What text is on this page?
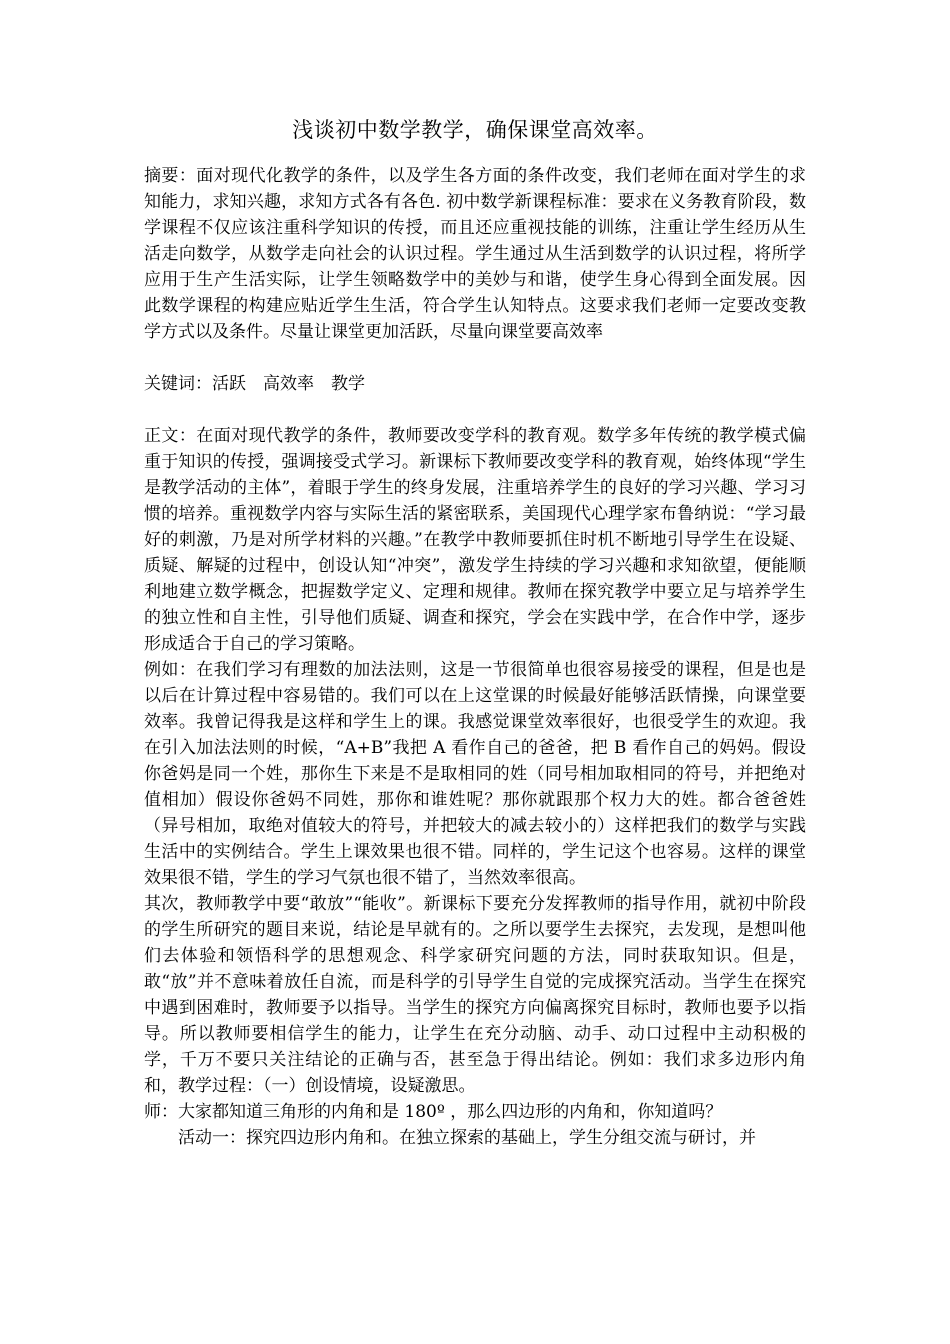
浅谈初中数学教学，确保课堂高效率。

摘要：面对现代化教学的条件，以及学生各方面的条件改变，我们老师在面对学生的求知能力，求知兴趣，求知方式各有各色. 初中数学新课程标准：要求在义务教育阶段，数学课程不仅应该注重科学知识的传授，而且还应重视技能的训练，注重让学生经历从生活走向数学，从数学走向社会的认识过程。学生通过从生活到数学的认识过程，将所学应用于生产生活实际，让学生领略数学中的美妙与和谐，使学生身心得到全面发展。因此数学课程的构建应贴近学生生活，符合学生认知特点。这要求我们老师一定要改变教学方式以及条件。尽量让课堂更加活跃，尽量向课堂要高效率

关键词：活跃　高效率　教学

正文：在面对现代教学的条件，教师要改变学科的教育观。数学多年传统的教学模式偏重于知识的传授，强调接受式学习。新课标下教师要改变学科的教育观，始终体现“学生是教学活动的主体”，着眼于学生的终身发展，注重培养学生的良好的学习兴趣、学习习惯的培养。重视数学内容与实际生活的紧密联系，美国现代心理学家布鲁纳说：“学习最好的刺激，乃是对所学材料的兴趣。”在教学中教师要抓住时机不断地引导学生在设疑、质疑、解疑的过程中，创设认知“冲突”，激发学生持续的学习兴趣和求知欲望，便能顺利地建立数学概念，把握数学定义、定理和规律。教师在探究教学中要立足与培养学生的独立性和自主性，引导他们质疑、调查和探究，学会在实践中学，在合作中学，逐步形成适合于自己的学习策略。

例如：在我们学习有理数的加法法则，这是一节很简单也很容易接受的课程，但是也是以后在计算过程中容易错的。我们可以在上这堂课的时候最好能够活跃情操，向课堂要效率。我曾记得我是这样和学生上的课。我感觉课堂效率很好，也很受学生的欢迎。我在引入加法法则的时候，“A+B”我把 A 看作自己的爸爸，把 B 看作自己的妈妈。假设你爸妈是同一个姓，那你生下来是不是取相同的姓（同号相加取相同的符号，并把绝对值相加）假设你爸妈不同姓，那你和谁姓呢？那你就跟那个权力大的姓。都合爸爸姓（异号相加，取绝对值较大的符号，并把较大的减去较小的）这样把我们的数学与实践生活中的实例结合。学生上课效果也很不错。同样的，学生记这个也容易。这样的课堂效果很不错，学生的学习气氛也很不错了，当然效率很高。

其次，教师教学中要“敢放”“能收”。新课标下要充分发挥教师的指导作用，就初中阶段的学生所研究的题目来说，结论是早就有的。之所以要学生去探究，去发现，是想叫他们去体验和领悟科学的思想观念、科学家研究问题的方法，同时获取知识。但是，敢“放”并不意味着放任自流，而是科学的引导学生自觉的完成探究活动。当学生在探究中遇到困难时，教师要予以指导。当学生的探究方向偏离探究目标时，教师也要予以指导。所以教师要相信学生的能力，让学生在充分动脑、动手、动口过程中主动积极的学，千万不要只关注结论的正确与否，甚至急于得出结论。例如：我们求多边形内角和，教学过程：（一）创设情境，设疑激思。

师：大家都知道三角形的内角和是 180º ，那么四边形的内角和，你知道吗？

活动一：探究四边形内角和。在独立探索的基础上，学生分组交流与研讨，并
